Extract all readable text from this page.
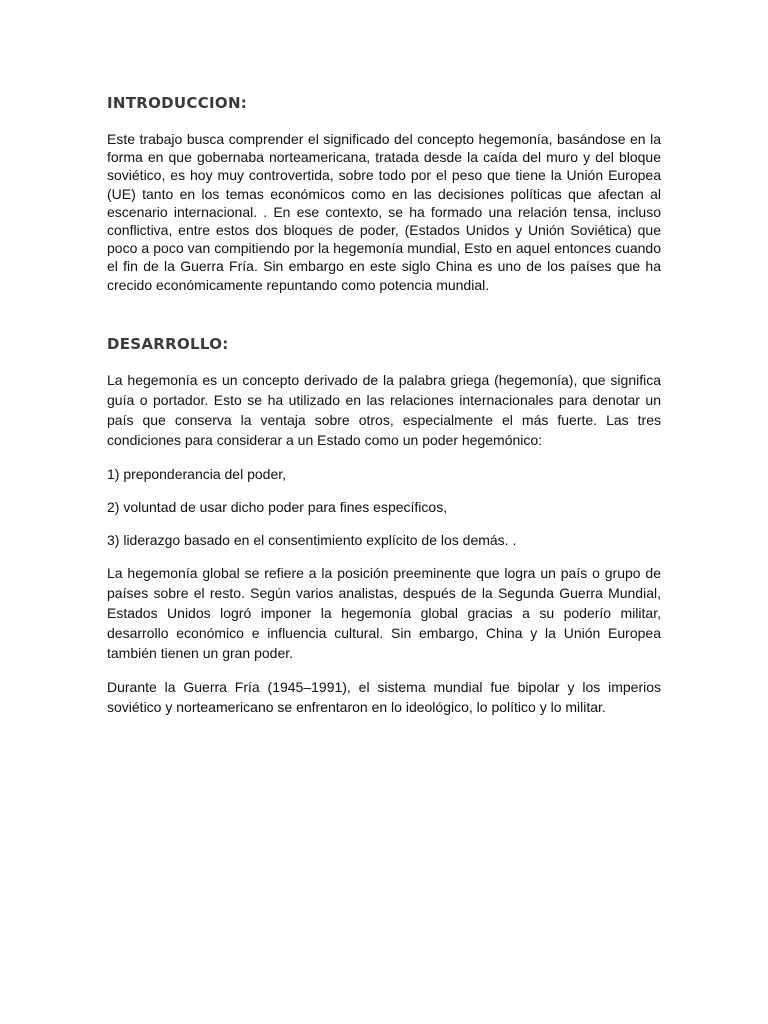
INTRODUCCION:

Este trabajo busca comprender el significado del concepto hegemonía, basándose en la forma en que gobernaba norteamericana, tratada desde la caída del muro y del bloque soviético, es hoy muy controvertida, sobre todo por el peso que tiene la Unión Europea (UE) tanto en los temas económicos como en las decisiones políticas que afectan al escenario internacional. . En ese contexto, se ha formado una relación tensa, incluso conflictiva, entre estos dos bloques de poder, (Estados Unidos y Unión Soviética) que poco a poco van compitiendo por la hegemonía mundial, Esto en aquel entonces cuando el fin de la Guerra Fría. Sin embargo en este siglo China es uno de los países que ha crecido económicamente repuntando como potencia mundial.

DESARROLLO:

La hegemonía es un concepto derivado de la palabra griega (hegemonía), que significa guía o portador. Esto se ha utilizado en las relaciones internacionales para denotar un país que conserva la ventaja sobre otros, especialmente el más fuerte. Las tres condiciones para considerar a un Estado como un poder hegemónico:

1) preponderancia del poder,

2) voluntad de usar dicho poder para fines específicos,

3) liderazgo basado en el consentimiento explícito de los demás. .

La hegemonía global se refiere a la posición preeminente que logra un país o grupo de países sobre el resto. Según varios analistas, después de la Segunda Guerra Mundial, Estados Unidos logró imponer la hegemonía global gracias a su poderío militar, desarrollo económico e influencia cultural. Sin embargo, China y la Unión Europea también tienen un gran poder.

Durante la Guerra Fría (1945–1991), el sistema mundial fue bipolar y los imperios soviético y norteamericano se enfrentaron en lo ideológico, lo político y lo militar.
